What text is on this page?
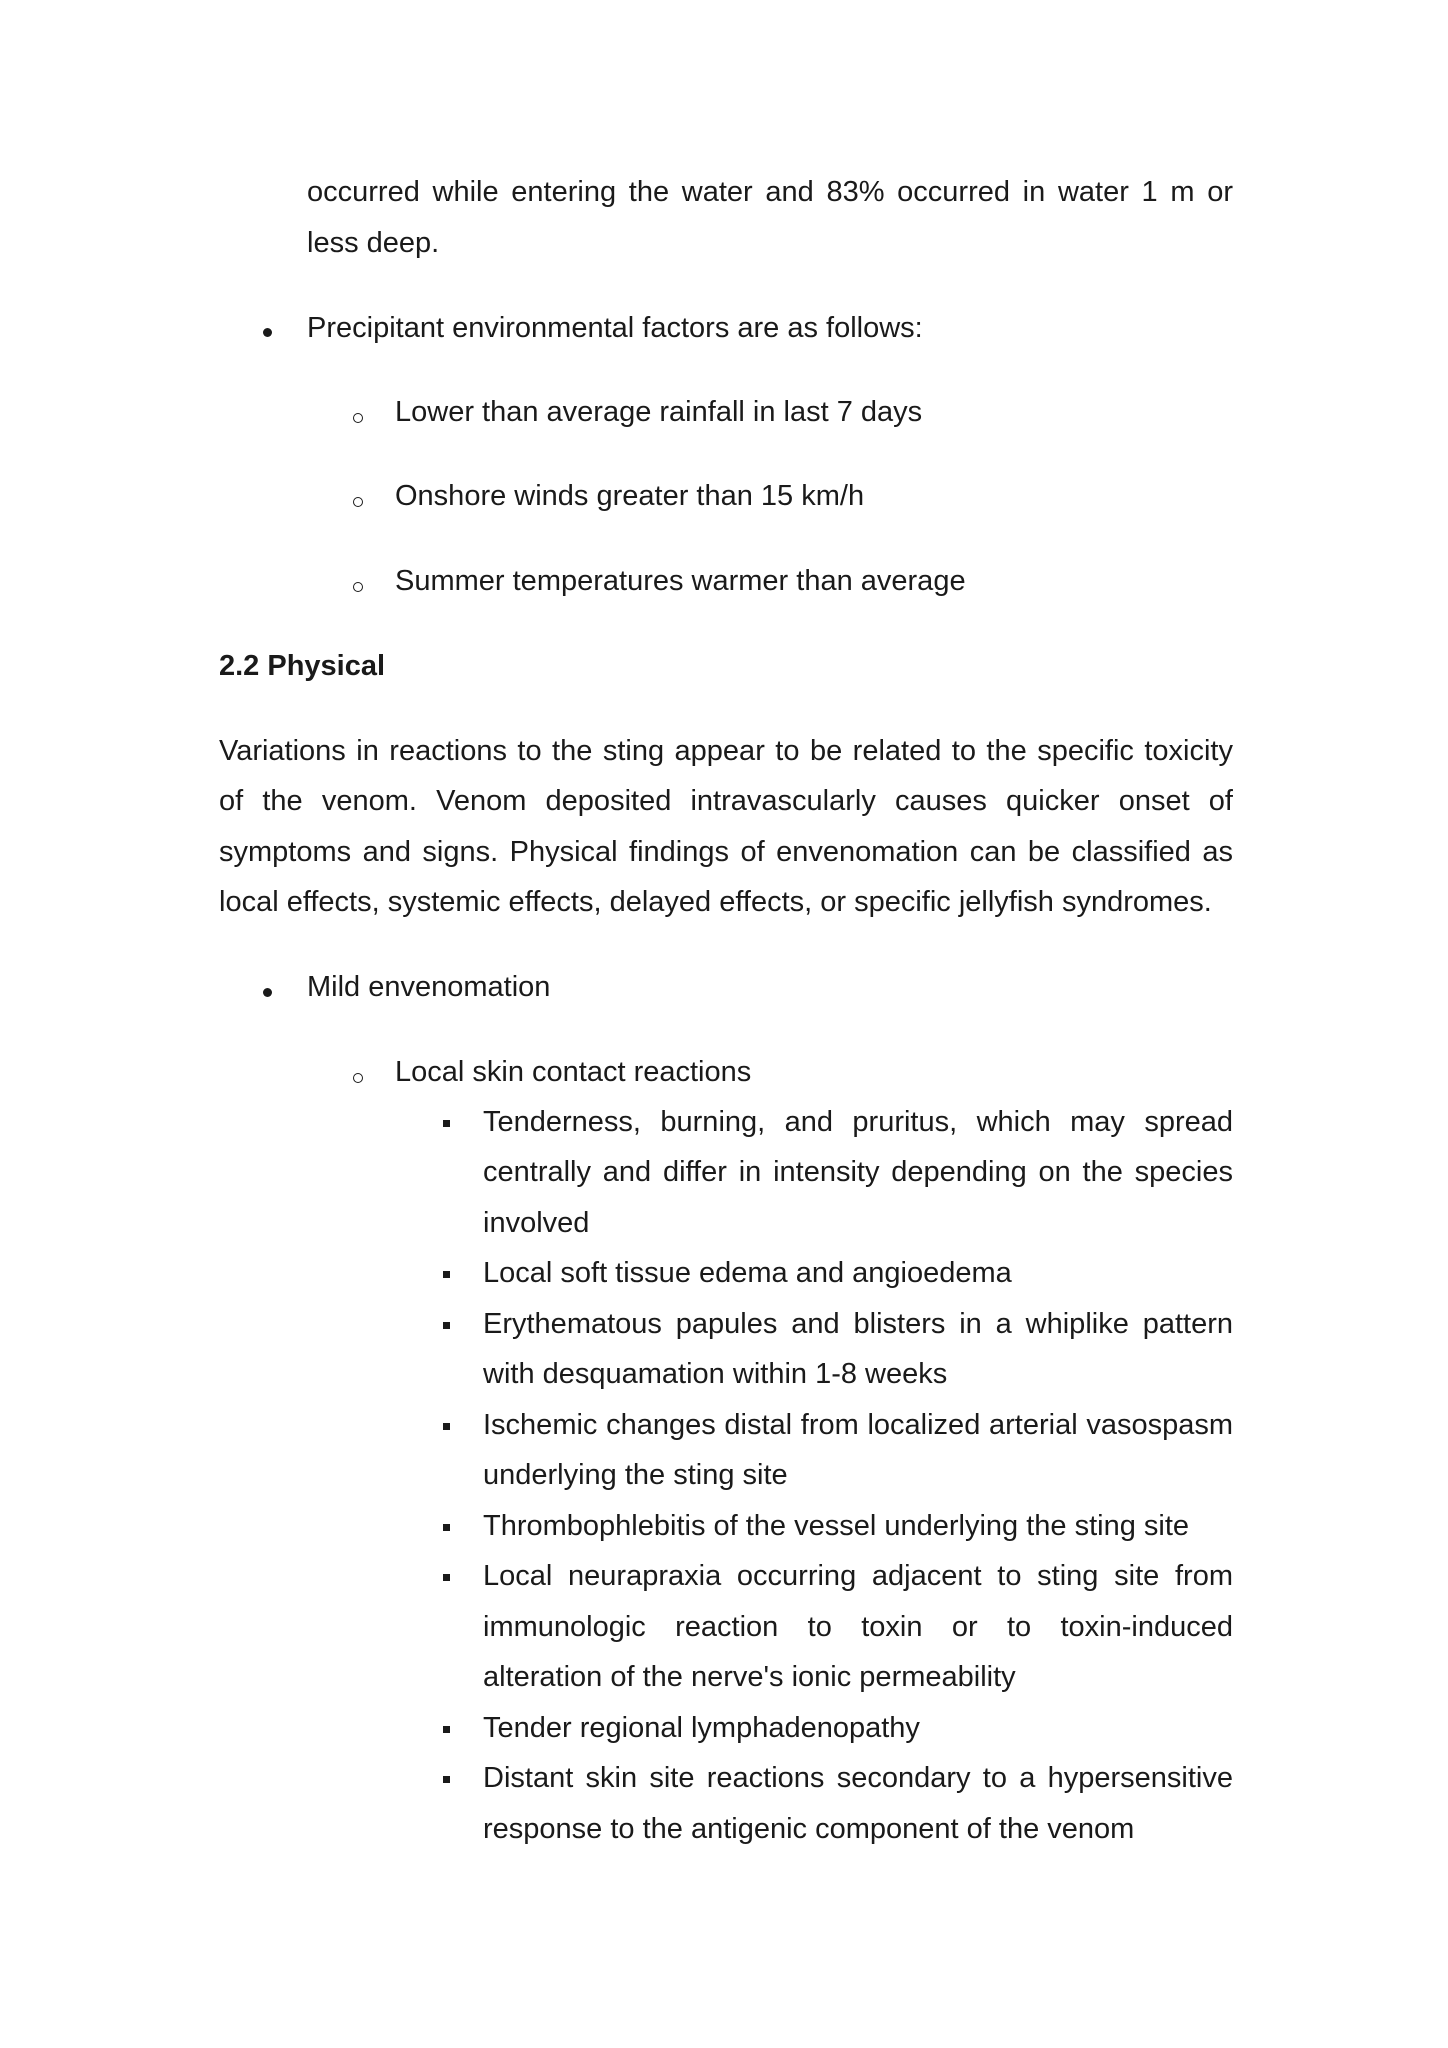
occurred while entering the water and 83% occurred in water 1 m or
less deep.
Precipitant environmental factors are as follows:
Lower than average rainfall in last 7 days
Onshore winds greater than 15 km/h
Summer temperatures warmer than average
2.2 Physical
Variations in reactions to the sting appear to be related to the specific toxicity
of the venom. Venom deposited intravascularly causes quicker onset of
symptoms and signs. Physical findings of envenomation can be classified as
local effects, systemic effects, delayed effects, or specific jellyfish syndromes.
Mild envenomation
Local skin contact reactions
Tenderness, burning, and pruritus, which may spread
centrally and differ in intensity depending on the species
involved
Local soft tissue edema and angioedema
Erythematous papules and blisters in a whiplike pattern
with desquamation within 1-8 weeks
Ischemic changes distal from localized arterial vasospasm
underlying the sting site
Thrombophlebitis of the vessel underlying the sting site
Local neurapraxia occurring adjacent to sting site from
immunologic reaction to toxin or to toxin-induced
alteration of the nerve's ionic permeability
Tender regional lymphadenopathy
Distant skin site reactions secondary to a hypersensitive
response to the antigenic component of the venom
